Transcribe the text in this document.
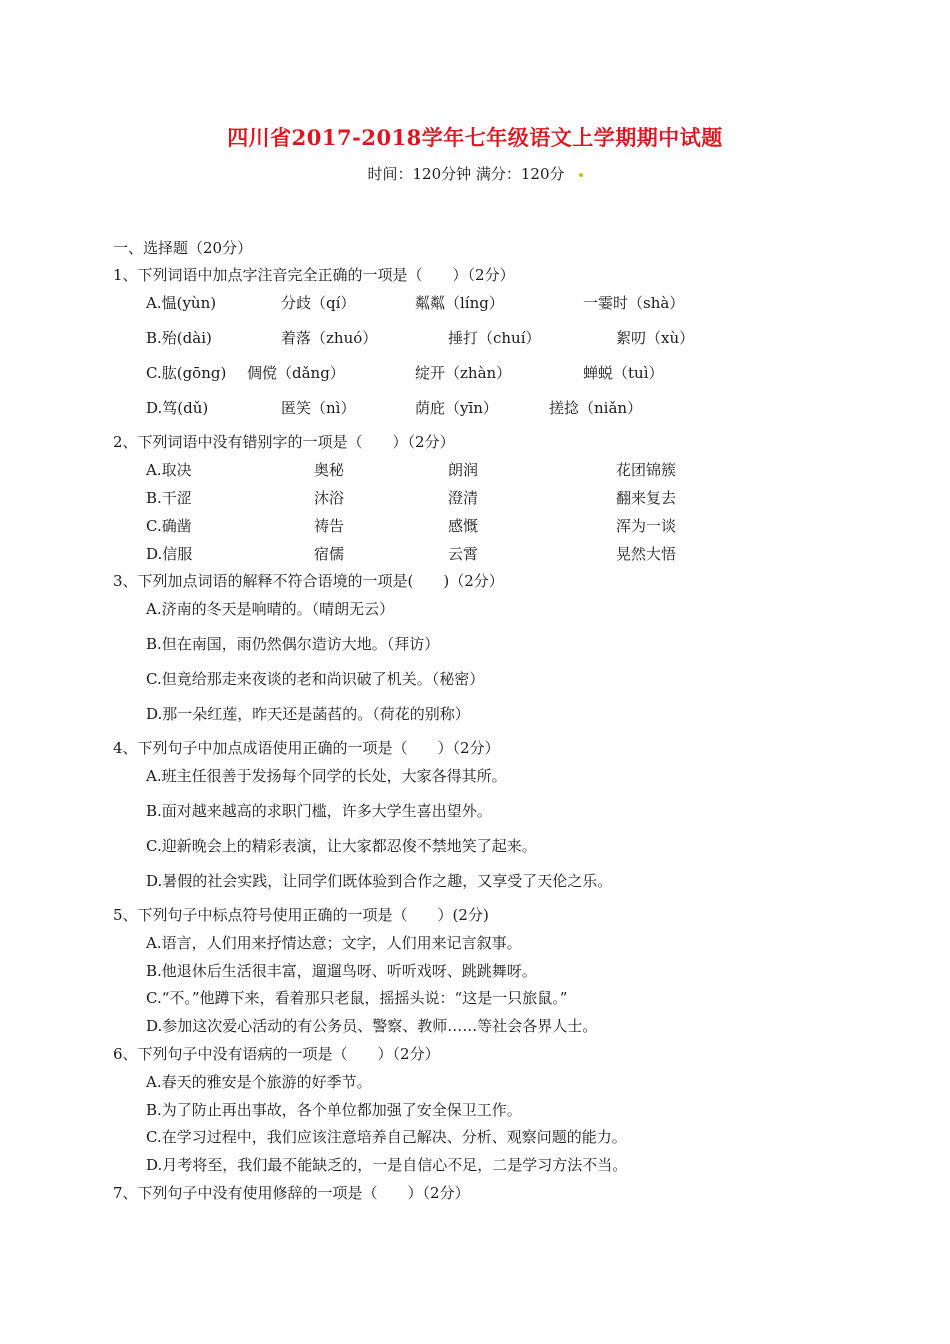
四川省2017-2018学年七年级语文上学期期中试题
时间：120分钟 满分：120分
一、选择题（20分）
1、下列词语中加点字注音完全正确的一项是（　　）（2分）
A.愠(yùn)	分歧（qí）	粼粼（líng）	一霎时（shà）
B.殆(dài)	着落（zhuó）	捶打（chuí）	絮叨（xù）
C.肱(gōng) 倜傥（dǎng）	绽开（zhàn）	蝉蜕（tuì）
D.笃(dǔ)	匿笑（nì）	荫庇（yīn）	搓捻（niǎn）
2、下列词语中没有错别字的一项是（　　）（2分）
A.取决	奥秘	朗润	花团锦簇
B.干涩	沐浴	澄清	翻来复去
C.确凿	祷告	感慨	浑为一谈
D.信服	宿儒	云霄	晃然大悟
3、下列加点词语的解释不符合语境的一项是(　　)（2分）
A.济南的冬天是响晴的。（晴朗无云）
B.但在南国，雨仍然偶尔造访大地。（拜访）
C.但竟给那走来夜谈的老和尚识破了机关。（秘密）
D.那一朵红莲，昨天还是菡萏的。（荷花的别称）
4、下列句子中加点成语使用正确的一项是（　　）（2分）
A.班主任很善于发扬每个同学的长处，大家各得其所。
B.面对越来越高的求职门槛，许多大学生喜出望外。
C.迎新晚会上的精彩表演，让大家都忍俊不禁地笑了起来。
D.暑假的社会实践，让同学们既体验到合作之趣，又享受了天伦之乐。
5、下列句子中标点符号使用正确的一项是（　　）(2分)
A.语言，人们用来抒情达意；文字，人们用来记言叙事。
B.他退休后生活很丰富，遛遛鸟呀、听听戏呀、跳跳舞呀。
C.“不。”他蹲下来，看着那只老鼠，摇摇头说：“这是一只旅鼠。”
D.参加这次爱心活动的有公务员、警察、教师……等社会各界人士。
6、下列句子中没有语病的一项是（　　）（2分）
A.春天的雅安是个旅游的好季节。
B.为了防止再出事故，各个单位都加强了安全保卫工作。
C.在学习过程中，我们应该注意培养自己解决、分析、观察问题的能力。
D.月考将至，我们最不能缺乏的，一是自信心不足，二是学习方法不当。
7、下列句子中没有使用修辞的一项是（　　）（2分）
